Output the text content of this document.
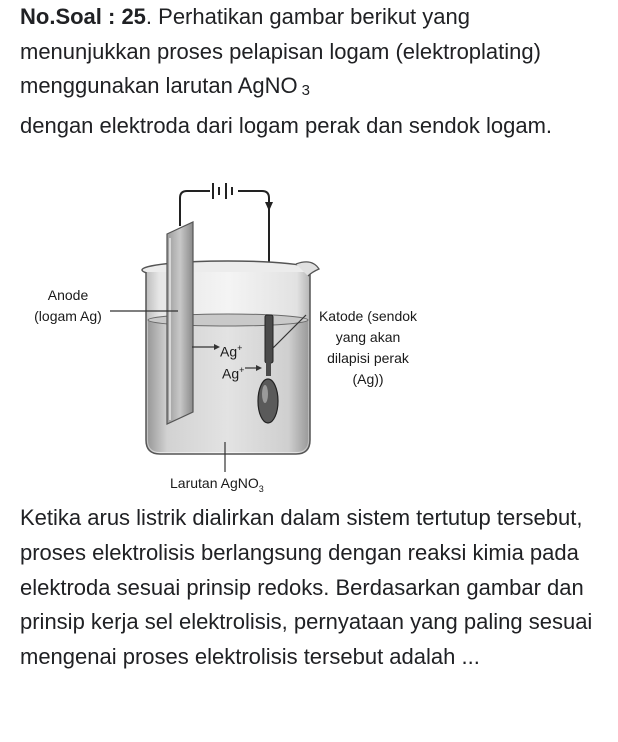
No.Soal : 25. Perhatikan gambar berikut yang menunjukkan proses pelapisan logam (elektroplating) menggunakan larutan AgNO $_3$
dengan elektroda dari logam perak dan sendok logam.

Anode
(logam Ag)
Ag+
Ag+
Katode (sendok
yang akan
dilapisi perak
(Ag))
Larutan AgNO$_3$

Ketika arus listrik dialirkan dalam sistem tertutup tersebut, proses elektrolisis berlangsung dengan reaksi kimia pada elektroda sesuai prinsip redoks. Berdasarkan gambar dan prinsip kerja sel elektrolisis, pernyataan yang paling sesuai mengenai proses elektrolisis tersebut adalah ...
